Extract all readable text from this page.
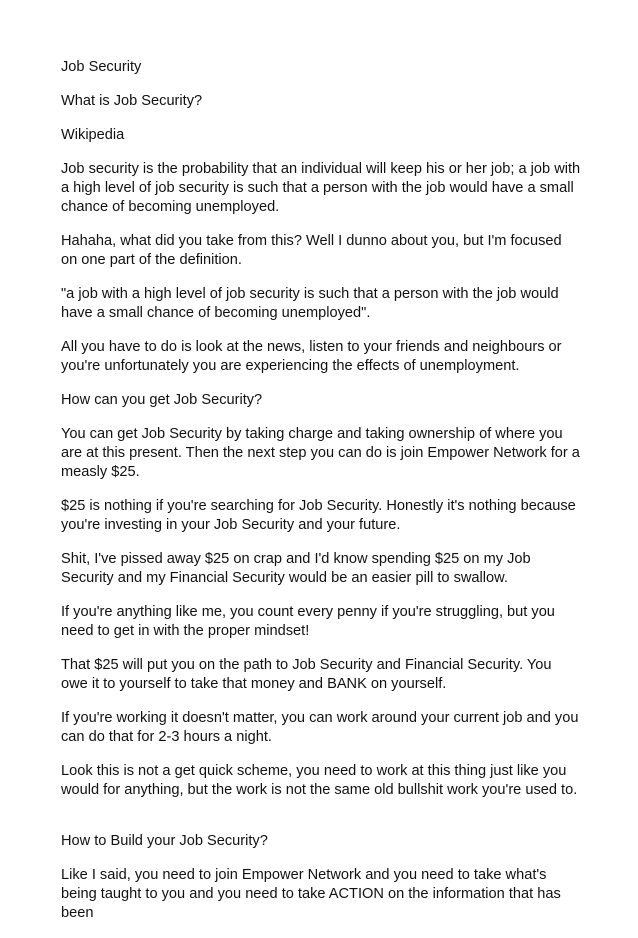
Job Security

What is Job Security?

Wikipedia

Job security is the probability that an individual will keep his or her job; a job with a high level of job security is such that a person with the job would have a small chance of becoming unemployed.

Hahaha, what did you take from this? Well I dunno about you, but I'm focused on one part of the definition.

"a job with a high level of job security is such that a person with the job would have a small chance of becoming unemployed".

All you have to do is look at the news, listen to your friends and neighbours or you're unfortunately you are experiencing the effects of unemployment.

How can you get Job Security?

You can get Job Security by taking charge and taking ownership of where you are at this present. Then the next step you can do is join Empower Network for a measly $25.

$25 is nothing if you're searching for Job Security. Honestly it's nothing because you're investing in your Job Security and your future.

Shit, I've pissed away $25 on crap and I'd know spending $25 on my Job Security and my Financial Security would be an easier pill to swallow.

If you're anything like me, you count every penny if you're struggling, but you need to get in with the proper mindset!

That $25 will put you on the path to Job Security and Financial Security. You owe it to yourself to take that money and BANK on yourself.

If you're working it doesn't matter, you can work around your current job and you can do that for 2-3 hours a night.

Look this is not a get quick scheme, you need to work at this thing just like you would for anything, but the work is not the same old bullshit work you're used to.

How to Build your Job Security?

Like I said, you need to join Empower Network and you need to take what's being taught to you and you need to take ACTION on the information that has been
